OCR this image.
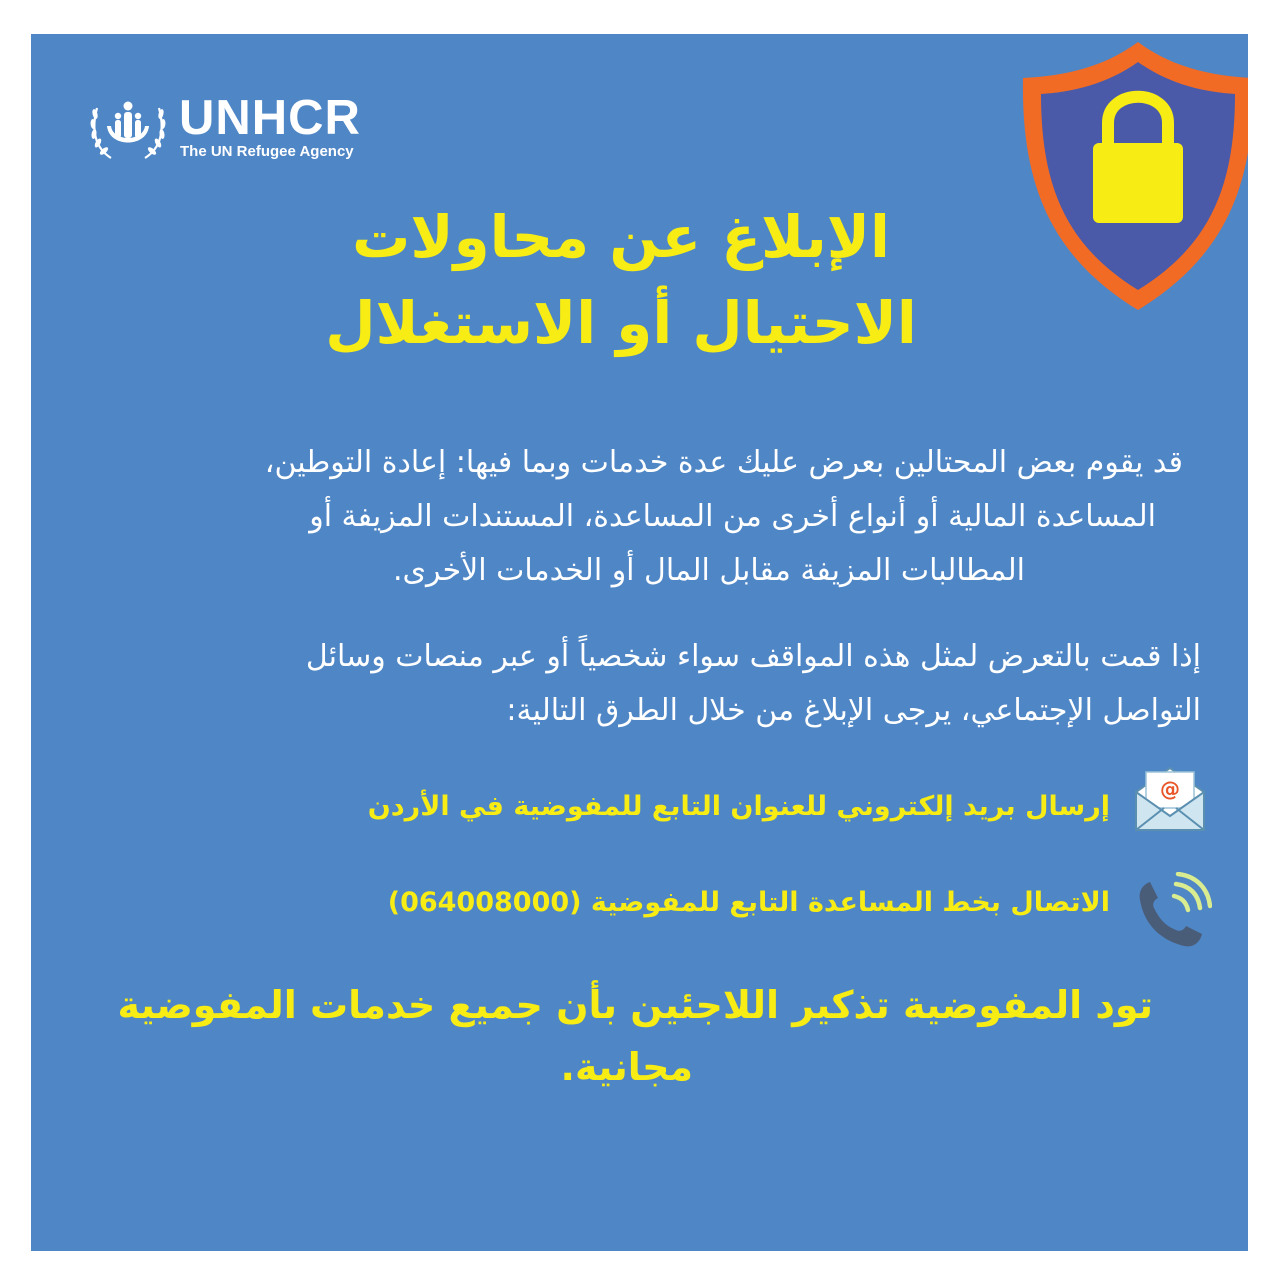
UNHCR
The UN Refugee Agency
الإبلاغ عن محاولات
الاحتيال أو الاستغلال
قد يقوم بعض المحتالين بعرض عليك عدة خدمات وبما فيها: إعادة التوطين،
المساعدة المالية أو أنواع أخرى من المساعدة، المستندات المزيفة أو
المطالبات المزيفة مقابل المال أو الخدمات الأخرى.
إذا قمت بالتعرض لمثل هذه المواقف سواء شخصياً أو عبر منصات وسائل
التواصل الإجتماعي، يرجى الإبلاغ من خلال الطرق التالية:
@
إرسال بريد إلكتروني للعنوان التابع للمفوضية في الأردن
الاتصال بخط المساعدة التابع للمفوضية (064008000)
تود المفوضية تذكير اللاجئين بأن جميع خدمات المفوضية
مجانية.
